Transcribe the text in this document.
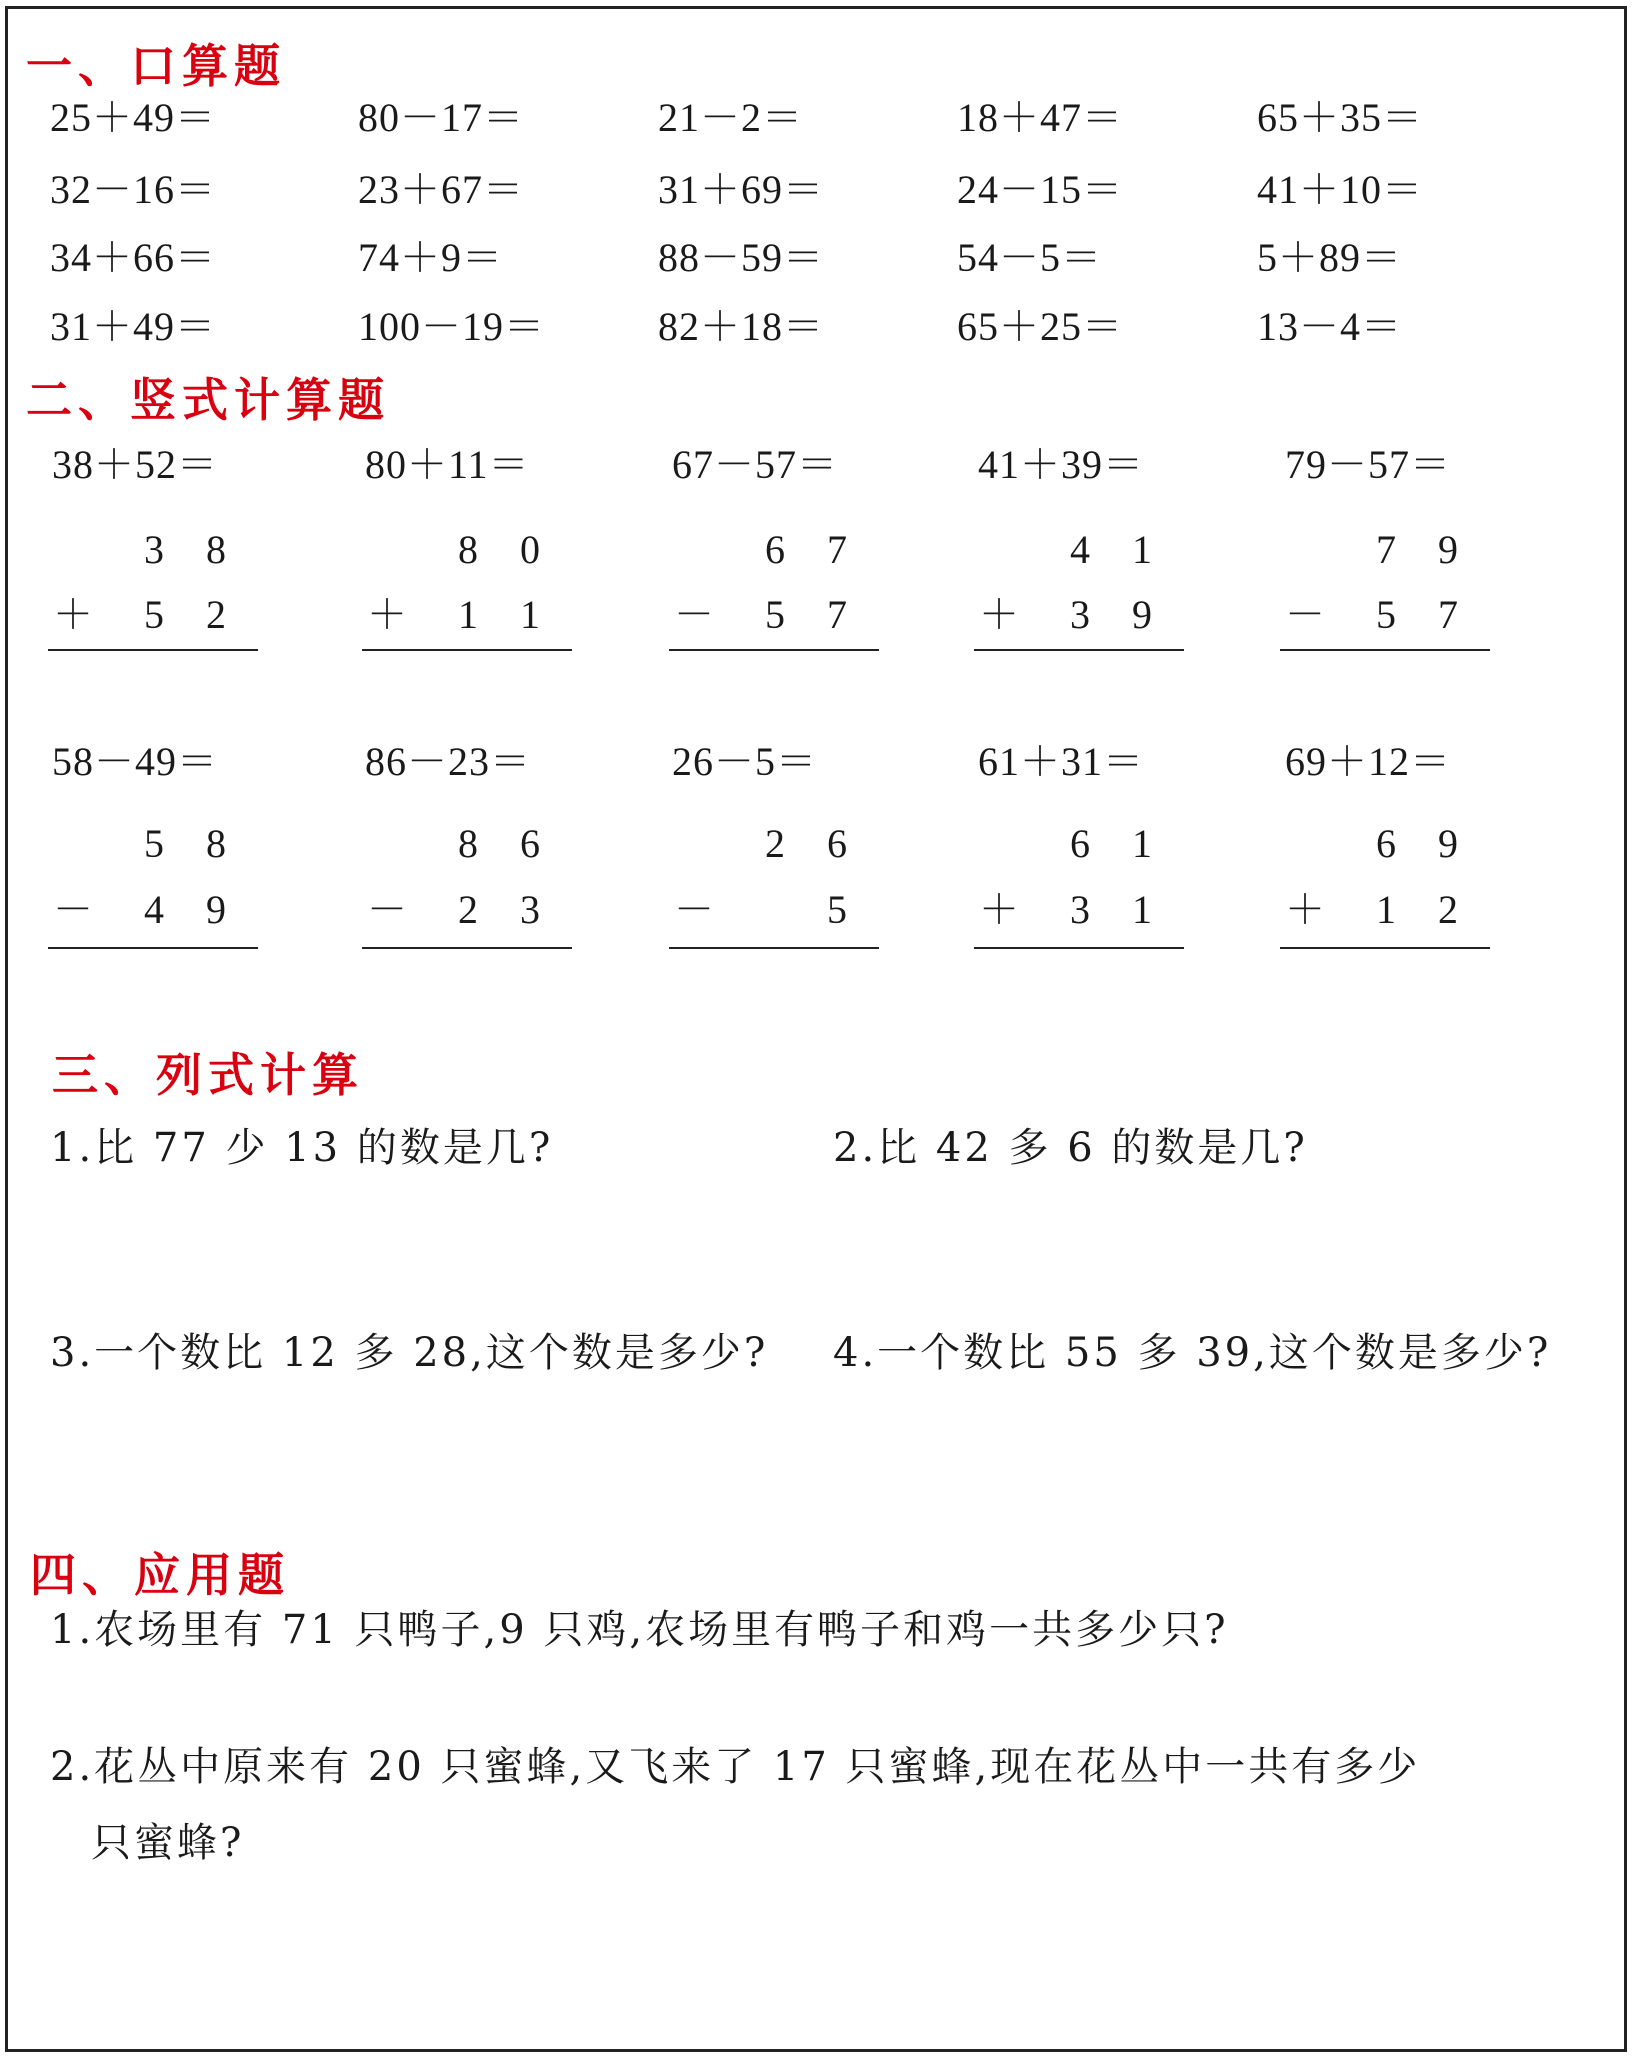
一、口算题
25＋49＝	80－17＝	21－2＝	18＋47＝	65＋35＝
32－16＝	23＋67＝	31＋69＝	24－15＝	41＋10＝
34＋66＝	74＋9＝	88－59＝	54－5＝	5＋89＝
31＋49＝	100－19＝	82＋18＝	65＋25＝	13－4＝
二、竖式计算题
38＋52＝
3 8
＋ 5 2
80＋11＝
8 0
＋ 1 1
67－57＝
6 7
－ 5 7
41＋39＝
4 1
＋ 3 9
79－57＝
7 9
－ 5 7
58－49＝
5 8
－ 4 9
86－23＝
8 6
－ 2 3
26－5＝
2 6
－	5
61＋31＝
6 1
＋ 3 1
69＋12＝
6 9
＋ 1 2
三、列式计算
1.比 77 少 13 的数是几?	2.比 42 多 6 的数是几?
3.一个数比 12 多 28,这个数是多少? 4.一个数比 55 多 39,这个数是多少?
四、应用题
1.农场里有 71 只鸭子,9 只鸡,农场里有鸭子和鸡一共多少只?
2.花丛中原来有 20 只蜜蜂,又飞来了 17 只蜜蜂,现在花丛中一共有多少
只蜜蜂?
